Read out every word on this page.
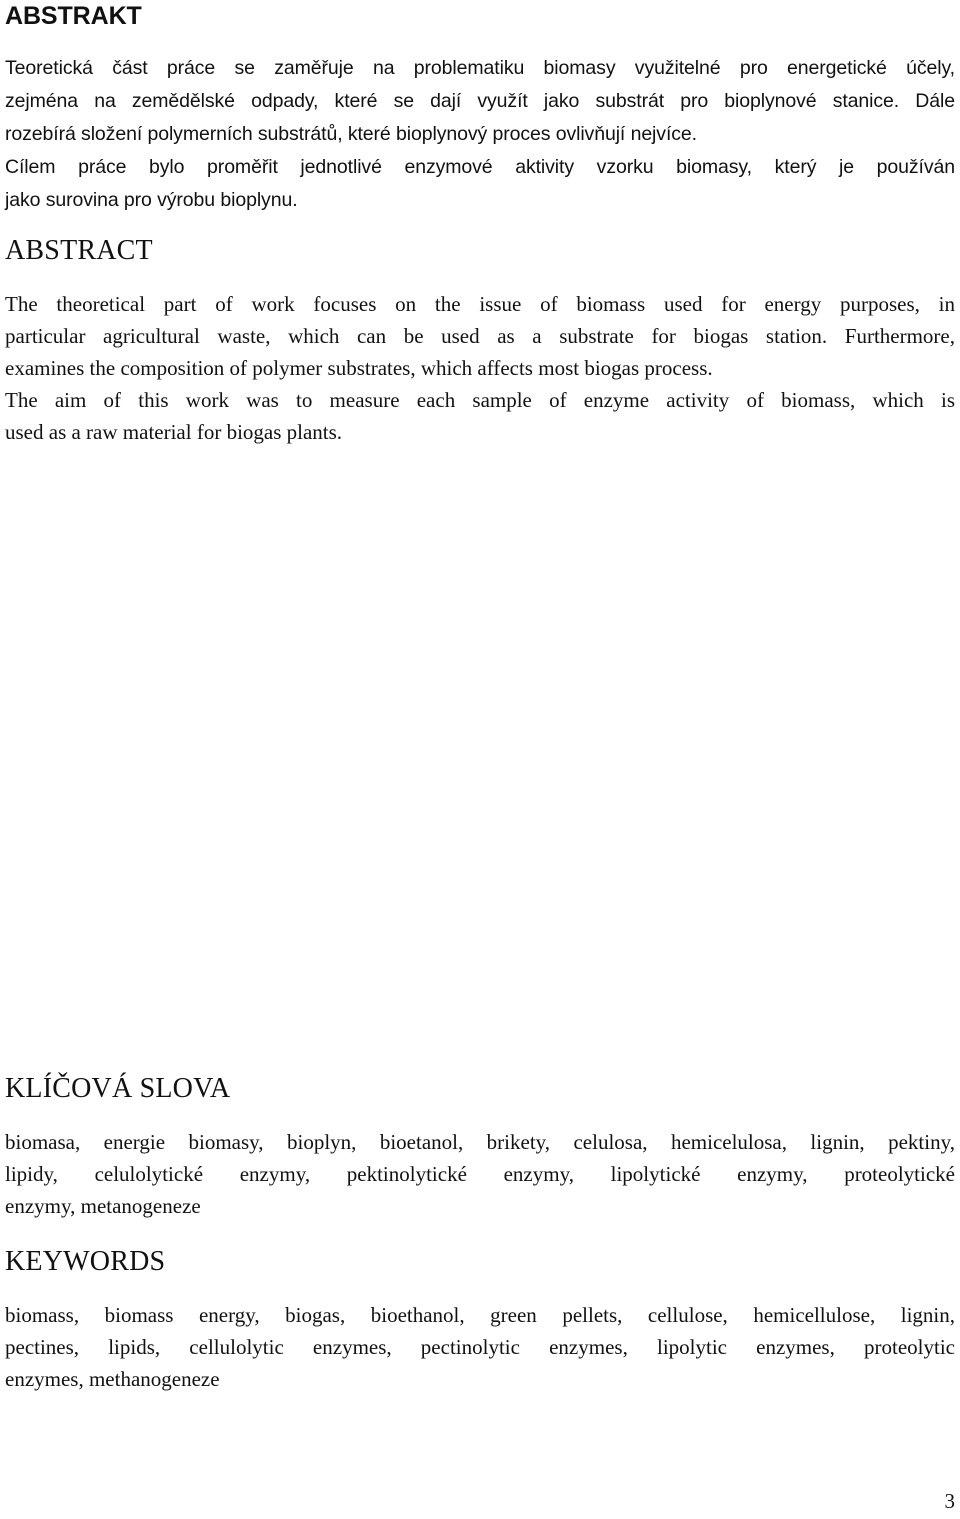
ABSTRAKT
Teoretická část práce se zaměřuje na problematiku biomasy využitelné pro energetické účely,
zejména na zemědělské odpady, které se dají využít jako substrát pro bioplynové stanice. Dále
rozebírá složení polymerních substrátů, které bioplynový proces ovlivňují nejvíce.
Cílem práce bylo proměřit jednotlivé enzymové aktivity vzorku biomasy, který je používán
jako surovina pro výrobu bioplynu.
ABSTRACT
The theoretical part of work focuses on the issue of biomass used for energy purposes, in
particular agricultural waste, which can be used as a substrate for biogas station. Furthermore,
examines the composition of polymer substrates, which affects most biogas process.
The aim of this work was to measure each sample of enzyme activity of biomass, which is
used as a raw material for biogas plants.
KLÍČOVÁ SLOVA
biomasa, energie biomasy, bioplyn, bioetanol, brikety, celulosa, hemicelulosa, lignin, pektiny,
lipidy, celulolytické enzymy, pektinolytické enzymy, lipolytické enzymy, proteolytické
enzymy, metanogeneze
KEYWORDS
biomass, biomass energy, biogas, bioethanol, green pellets, cellulose, hemicellulose, lignin,
pectines, lipids, cellulolytic enzymes, pectinolytic enzymes, lipolytic enzymes, proteolytic
enzymes, methanogeneze
3
